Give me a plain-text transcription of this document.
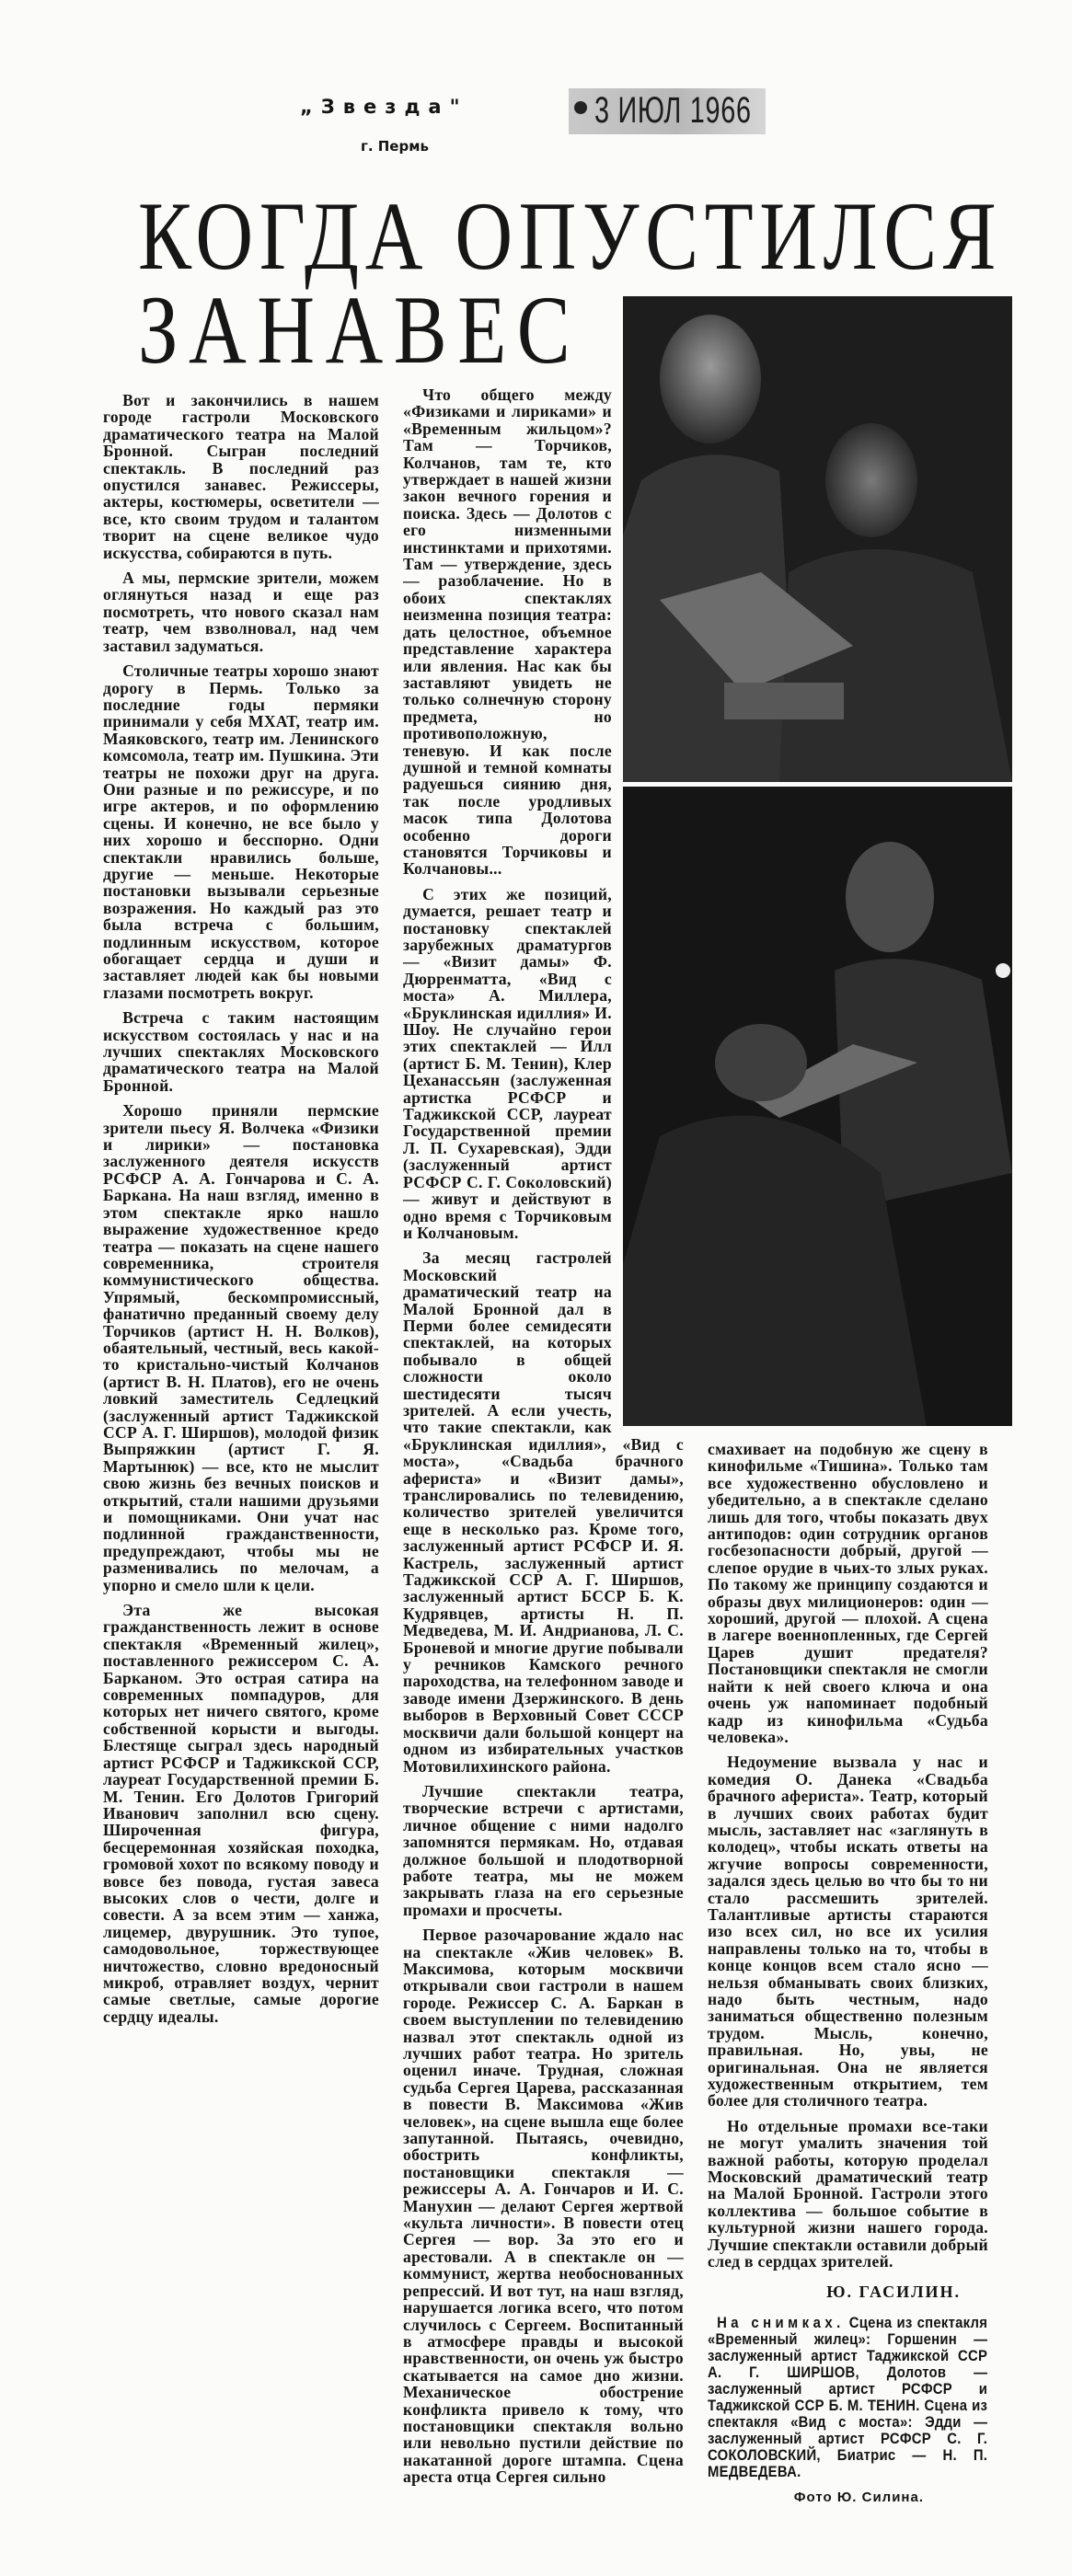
„Звезда"
г. Пермь
3 ИЮЛ 1966
КОГДА ОПУСТИЛСЯ
ЗАНАВЕС

Вот и закончились в нашем городе гастроли Московского драматического театра на Малой Бронной. Сыгран последний спектакль. В последний раз опустился занавес. Режиссеры, актеры, костюмеры, осветители — все, кто своим трудом и талантом творит на сцене великое чудо искусства, собираются в путь.

А мы, пермские зрители, можем оглянуться назад и еще раз посмотреть, что нового сказал нам театр, чем взволновал, над чем заставил задуматься.

Столичные театры хорошо знают дорогу в Пермь. Только за последние годы пермяки принимали у себя МХАТ, театр им. Маяковского, театр им. Ленинского комсомола, театр им. Пушкина. Эти театры не похожи друг на друга. Они разные и по режиссуре, и по игре актеров, и по оформлению сцены. И конечно, не все было у них хорошо и бесспорно. Одни спектакли нравились больше, другие — меньше. Некоторые постановки вызывали серьезные возражения. Но каждый раз это была встреча с большим, подлинным искусством, которое обогащает сердца и души и заставляет людей как бы новыми глазами посмотреть вокруг.

Встреча с таким настоящим искусством состоялась у нас и на лучших спектаклях Московского драматического театра на Малой Бронной.

Хорошо приняли пермские зрители пьесу Я. Волчека «Физики и лирики» — постановка заслуженного деятеля искусств РСФСР А. А. Гончарова и С. А. Баркана. На наш взгляд, именно в этом спектакле ярко нашло выражение художественное кредо театра — показать на сцене нашего современника, строителя коммунистического общества. Упрямый, бескомпромиссный, фанатично преданный своему делу Торчиков (артист Н. Н. Волков), обаятельный, честный, весь какой-то кристально-чистый Колчанов (артист В. Н. Платов), его не очень ловкий заместитель Седлецкий (заслуженный артист Таджикской ССР А. Г. Ширшов), молодой физик Выпряжкин (артист Г. Я. Мартынюк) — все, кто не мыслит свою жизнь без вечных поисков и открытий, стали нашими друзьями и помощниками. Они учат нас подлинной гражданственности, предупреждают, чтобы мы не разменивались по мелочам, а упорно и смело шли к цели.

Эта же высокая гражданственность лежит в основе спектакля «Временный жилец», поставленного режиссером С. А. Барканом. Это острая сатира на современных помпадуров, для которых нет ничего святого, кроме собственной корысти и выгоды. Блестяще сыграл здесь народный артист РСФСР и Таджикской ССР, лауреат Государственной премии Б. М. Тенин. Его Долотов Григорий Иванович заполнил всю сцену. Широченная фигура, бесцеремонная хозяйская походка, громовой хохот по всякому поводу и вовсе без повода, густая завеса высоких слов о чести, долге и совести. А за всем этим — ханжа, лицемер, двурушник. Это тупое, самодовольное, торжествующее ничтожество, словно вредоносный микроб, отравляет воздух, чернит самые светлые, самые дорогие сердцу идеалы.

Что общего между «Физиками и лириками» и «Временным жильцом»? Там — Торчиков, Колчанов, там те, кто утверждает в нашей жизни закон вечного горения и поиска. Здесь — Долотов с его низменными инстинктами и прихотями. Там — утверждение, здесь — разоблачение. Но в обоих спектаклях неизменна позиция театра: дать целостное, объемное представление характера или явления. Нас как бы заставляют увидеть не только солнечную сторону предмета, но противоположную, теневую. И как после душной и темной комнаты радуешься сиянию дня, так после уродливых масок типа Долотова особенно дороги становятся Торчиковы и Колчановы...

С этих же позиций, думается, решает театр и постановку спектаклей зарубежных драматургов — «Визит дамы» Ф. Дюрренматта, «Вид с моста» А. Миллера, «Бруклинская идиллия» И. Шоу. Не случайно герои этих спектаклей — Илл (артист Б. М. Тенин), Клер Цеханассьян (заслуженная артистка РСФСР и Таджикской ССР, лауреат Государственной премии Л. П. Сухаревская), Эдди (заслуженный артист РСФСР С. Г. Соколовский) — живут и действуют в одно время с Торчиковым и Колчановым.

За месяц гастролей Московский драматический театр на Малой Бронной дал в Перми более семидесяти спектаклей, на которых побывало в общей сложности около шестидесяти тысяч зрителей. А если учесть, что такие спектакли, как «Бруклинская идиллия», «Вид с моста», «Свадьба брачного афериста» и «Визит дамы», транслировались по телевидению, количество зрителей увеличится еще в несколько раз. Кроме того, заслуженный артист РСФСР И. Я. Кастрель, заслуженный артист Таджикской ССР А. Г. Ширшов, заслуженный артист БССР Б. К. Кудрявцев, артисты Н. П. Медведева, М. И. Андрианова, Л. С. Броневой и многие другие побывали у речников Камского речного пароходства, на телефонном заводе и заводе имени Дзержинского. В день выборов в Верховный Совет СССР москвичи дали большой концерт на одном из избирательных участков Мотовилихинского района.

Лучшие спектакли театра, творческие встречи с артистами, личное общение с ними надолго запомнятся пермякам. Но, отдавая должное большой и плодотворной работе театра, мы не можем закрывать глаза на его серьезные промахи и просчеты.

Первое разочарование ждало нас на спектакле «Жив человек» В. Максимова, которым москвичи открывали свои гастроли в нашем городе. Режиссер С. А. Баркан в своем выступлении по телевидению назвал этот спектакль одной из лучших работ театра. Но зритель оценил иначе. Трудная, сложная судьба Сергея Царева, рассказанная в повести В. Максимова «Жив человек», на сцене вышла еще более запутанной. Пытаясь, очевидно, обострить конфликты, постановщики спектакля — режиссеры А. А. Гончаров и И. С. Манухин — делают Сергея жертвой «культа личности». В повести отец Сергея — вор. За это его и арестовали. А в спектакле он — коммунист, жертва необоснованных репрессий. И вот тут, на наш взгляд, нарушается логика всего, что потом случилось с Сергеем. Воспитанный в атмосфере правды и высокой нравственности, он очень уж быстро скатывается на самое дно жизни. Механическое обострение конфликта привело к тому, что постановщики спектакля вольно или невольно пустили действие по накатанной дороге штампа. Сцена ареста отца Сергея сильно

смахивает на подобную же сцену в кинофильме «Тишина». Только там все художественно обусловлено и убедительно, а в спектакле сделано лишь для того, чтобы показать двух антиподов: один сотрудник органов госбезопасности добрый, другой — слепое орудие в чьих-то злых руках. По такому же принципу создаются и образы двух милиционеров: один — хороший, другой — плохой. А сцена в лагере военнопленных, где Сергей Царев душит предателя? Постановщики спектакля не смогли найти к ней своего ключа и она очень уж напоминает подобный кадр из кинофильма «Судьба человека».

Недоумение вызвала у нас и комедия О. Данека «Свадьба брачного афериста». Театр, который в лучших своих работах будит мысль, заставляет нас «заглянуть в колодец», чтобы искать ответы на жгучие вопросы современности, задался здесь целью во что бы то ни стало рассмешить зрителей. Талантливые артисты стараются изо всех сил, но все их усилия направлены только на то, чтобы в конце концов всем стало ясно — нельзя обманывать своих близких, надо быть честным, надо заниматься общественно полезным трудом. Мысль, конечно, правильная. Но, увы, не оригинальная. Она не является художественным открытием, тем более для столичного театра.

Но отдельные промахи все-таки не могут умалить значения той важной работы, которую проделал Московский драматический театр на Малой Бронной. Гастроли этого коллектива — большое событие в культурной жизни нашего города. Лучшие спектакли оставили добрый след в сердцах зрителей.

Ю. ГАСИЛИН.
На снимках. Сцена из спектакля «Временный жилец»: Горшенин — заслуженный артист Таджикской ССР А. Г. ШИРШОВ, Долотов — заслуженный артист РСФСР и Таджикской ССР Б. М. ТЕНИН. Сцена из спектакля «Вид с моста»: Эдди — заслуженный артист РСФСР С. Г. СОКОЛОВСКИЙ, Биатрис — Н. П. МЕДВЕДЕВА.
Фото Ю. Силина.
